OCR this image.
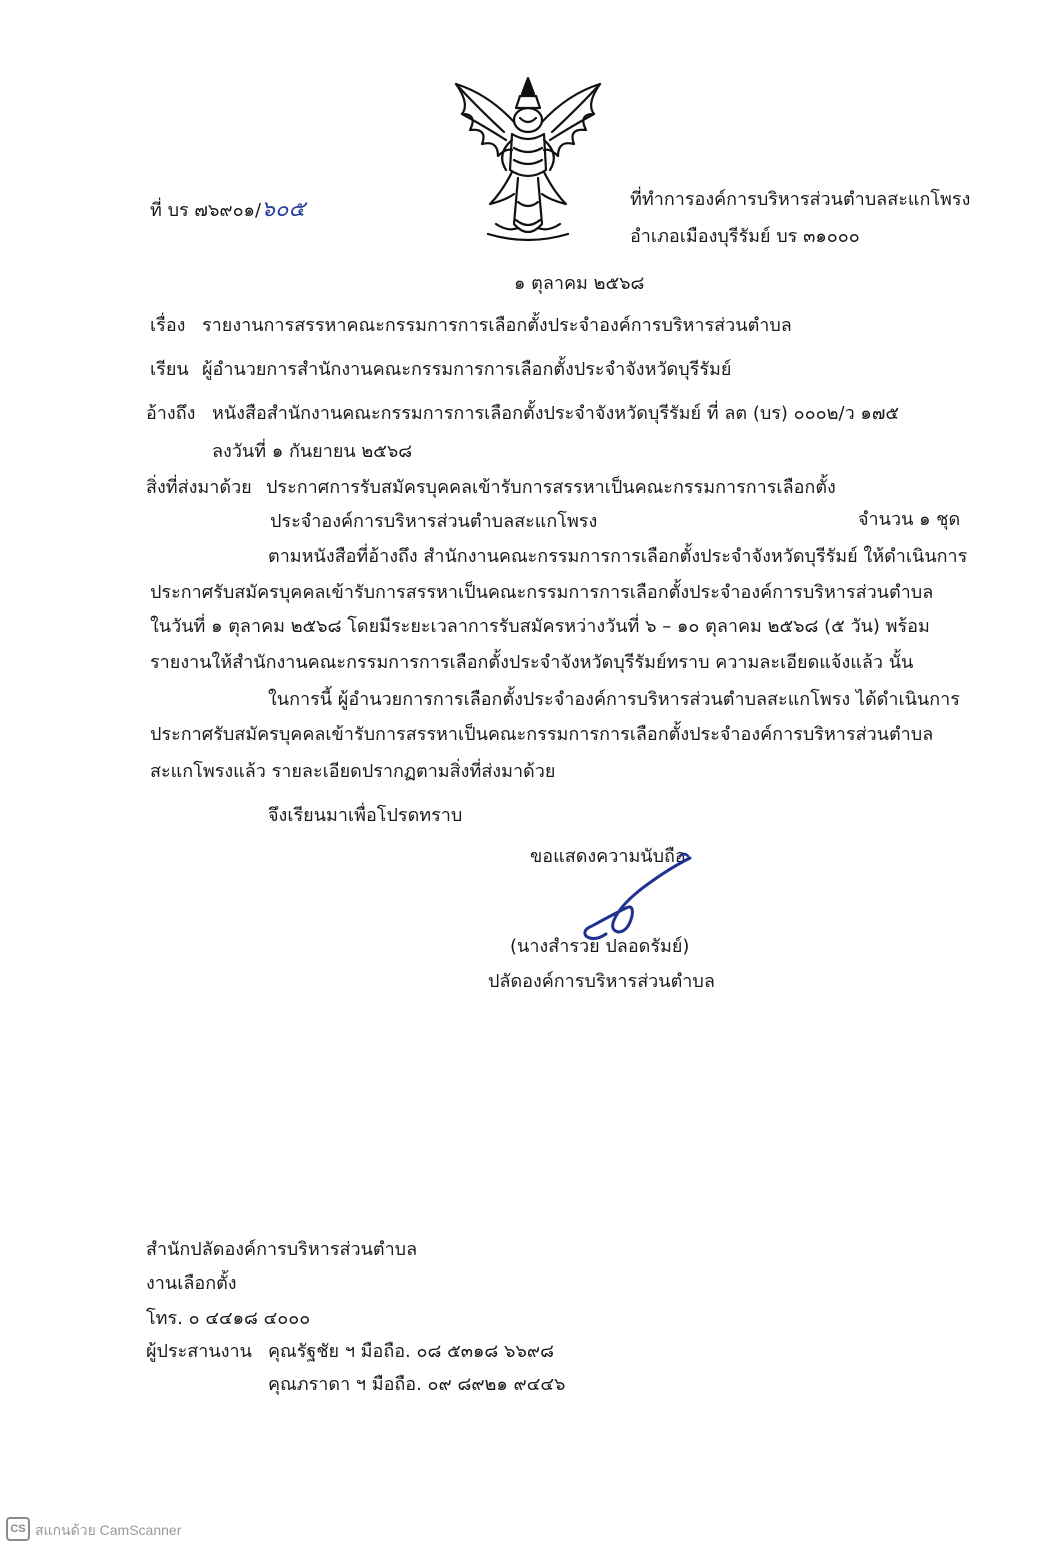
ที่ บร ๗๖๙๐๑/๖๐๕	ที่ทำการองค์การบริหารส่วนตำบลสะแกโพรง
อำเภอเมืองบุรีรัมย์ บร ๓๑๐๐๐
๑ ตุลาคม ๒๕๖๘
เรื่อง รายงานการสรรหาคณะกรรมการการเลือกตั้งประจำองค์การบริหารส่วนตำบล
เรียน ผู้อำนวยการสำนักงานคณะกรรมการการเลือกตั้งประจำจังหวัดบุรีรัมย์
อ้างถึง หนังสือสำนักงานคณะกรรมการการเลือกตั้งประจำจังหวัดบุรีรัมย์ ที่ ลต (บร) ๐๐๐๒/ว ๑๗๕
ลงวันที่ ๑ กันยายน ๒๕๖๘
สิ่งที่ส่งมาด้วย ประกาศการรับสมัครบุคคลเข้ารับการสรรหาเป็นคณะกรรมการการเลือกตั้ง
ประจำองค์การบริหารส่วนตำบลสะแกโพรง	จำนวน ๑ ชุด
ตามหนังสือที่อ้างถึง สำนักงานคณะกรรมการการเลือกตั้งประจำจังหวัดบุรีรัมย์ ให้ดำเนินการ
ประกาศรับสมัครบุคคลเข้ารับการสรรหาเป็นคณะกรรมการการเลือกตั้งประจำองค์การบริหารส่วนตำบล
ในวันที่ ๑ ตุลาคม ๒๕๖๘ โดยมีระยะเวลาการรับสมัครหว่างวันที่ ๖ – ๑๐ ตุลาคม ๒๕๖๘ (๕ วัน) พร้อม
รายงานให้สำนักงานคณะกรรมการการเลือกตั้งประจำจังหวัดบุรีรัมย์ทราบ ความละเอียดแจ้งแล้ว นั้น
ในการนี้ ผู้อำนวยการการเลือกตั้งประจำองค์การบริหารส่วนตำบลสะแกโพรง ได้ดำเนินการ
ประกาศรับสมัครบุคคลเข้ารับการสรรหาเป็นคณะกรรมการการเลือกตั้งประจำองค์การบริหารส่วนตำบล
สะแกโพรงแล้ว รายละเอียดปรากฏตามสิ่งที่ส่งมาด้วย
จึงเรียนมาเพื่อโปรดทราบ
ขอแสดงความนับถือ
(นางสำรวย ปลอดรัมย์)
ปลัดองค์การบริหารส่วนตำบล
สำนักปลัดองค์การบริหารส่วนตำบล
งานเลือกตั้ง
โทร. ๐ ๔๔๑๘ ๔๐๐๐
ผู้ประสานงาน คุณรัฐชัย ฯ มือถือ. ๐๘ ๕๓๑๘ ๖๖๙๘
คุณภราดา ฯ มือถือ. ๐๙ ๘๙๒๑ ๙๔๔๖
CS สแกนด้วย CamScanner
